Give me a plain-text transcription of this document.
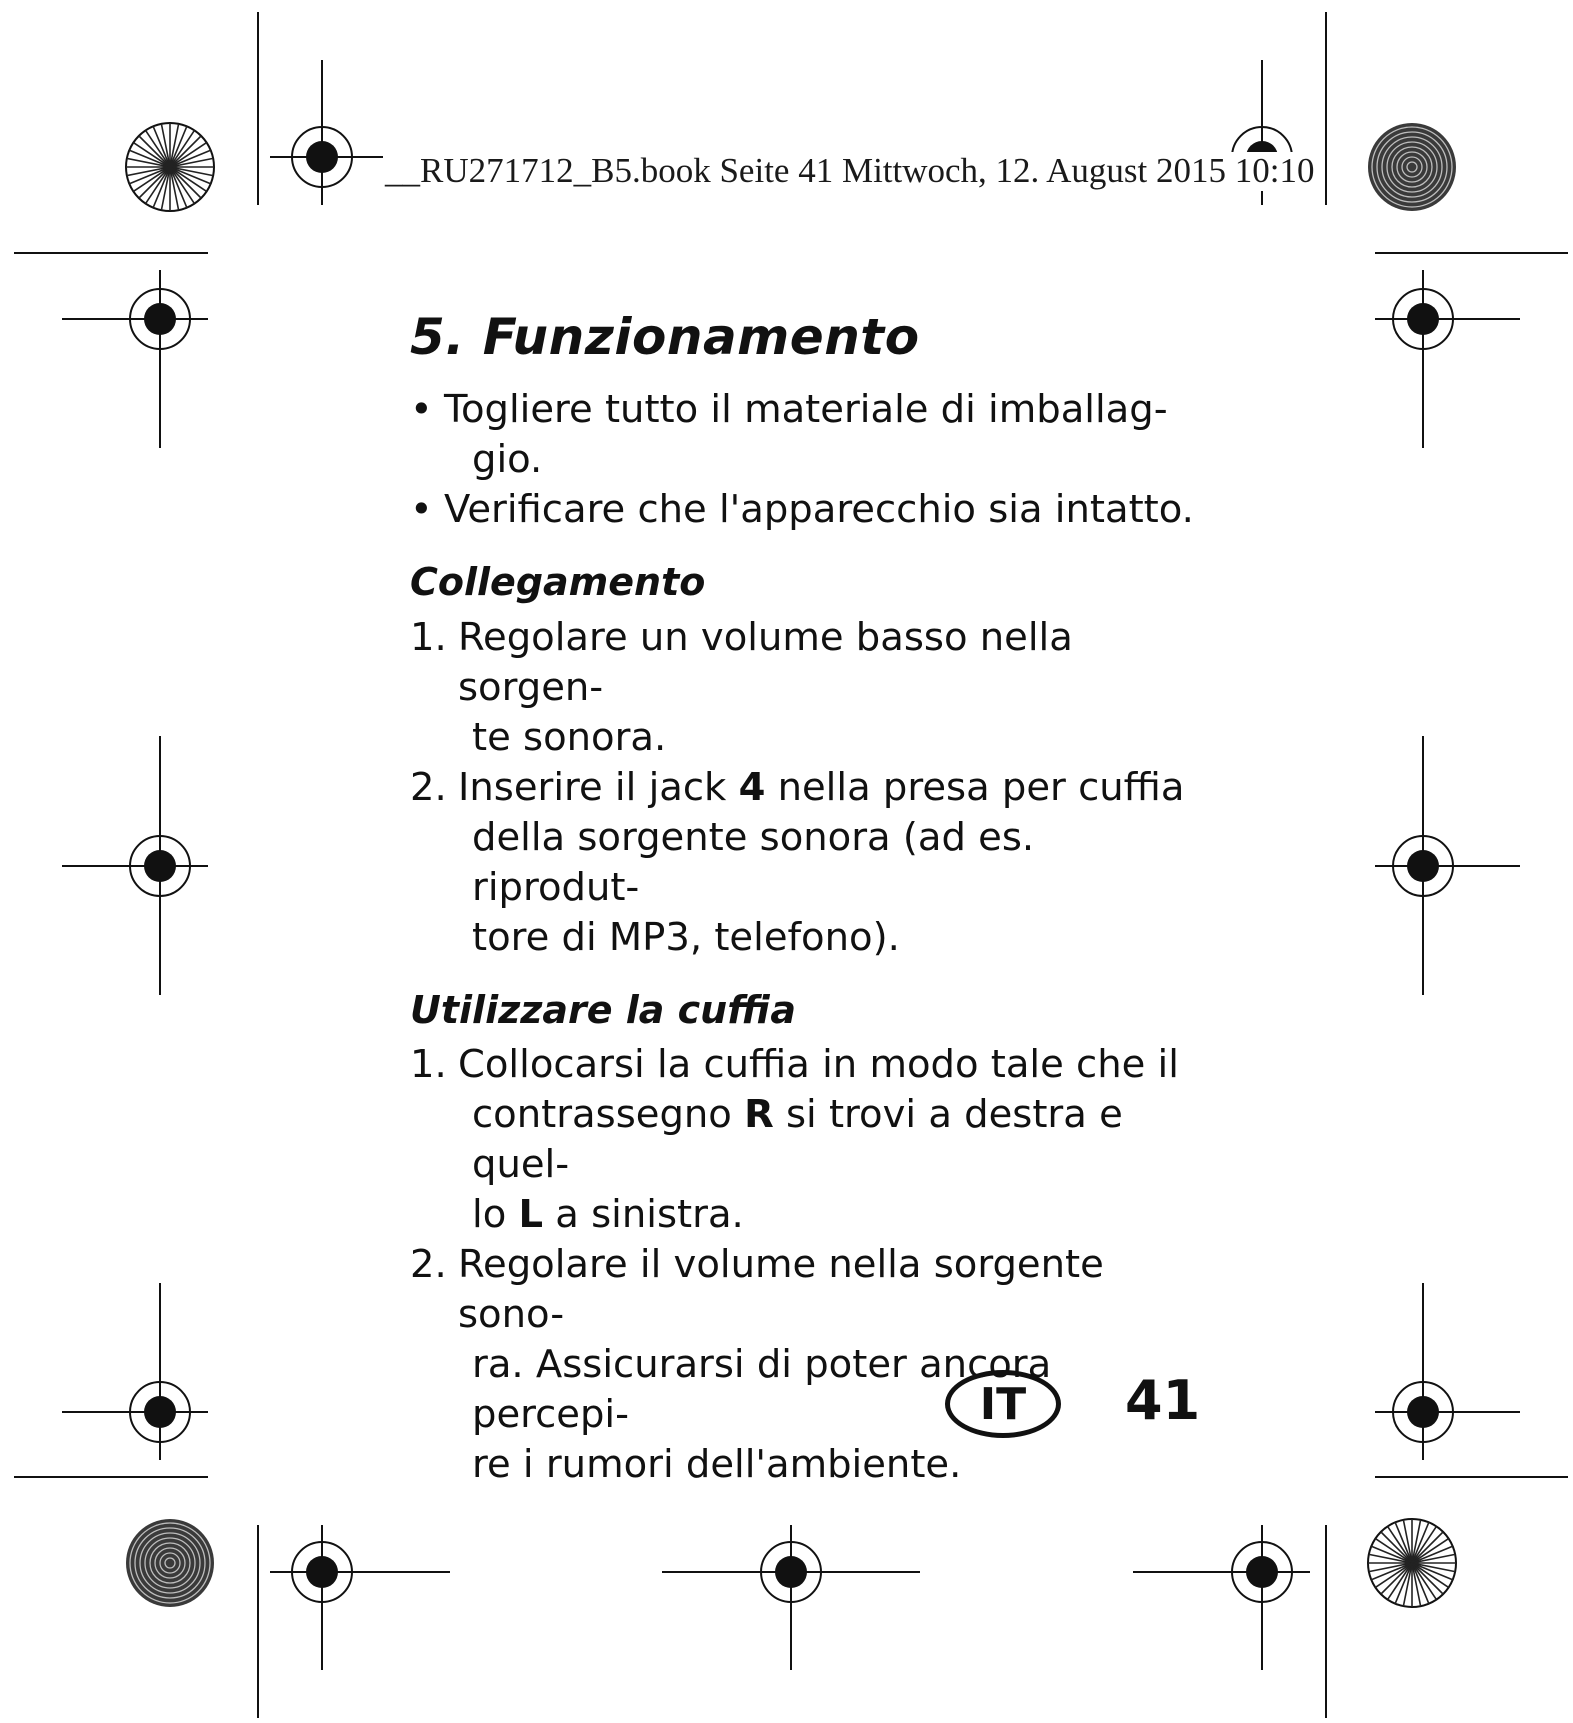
__RU271712_B5.book Seite 41 Mittwoch, 12. August 2015 10:10
5. Funzionamento
• Togliere tutto il materiale di imballag-
gio.
• Verificare che l'apparecchio sia intatto.
Collegamento
1. Regolare un volume basso nella sorgen-
te sonora.
2. Inserire il jack 4 nella presa per cuffia
della sorgente sonora (ad es. riprodut-
tore di MP3, telefono).
Utilizzare la cuffia
1. Collocarsi la cuffia in modo tale che il
contrassegno R si trovi a destra e quel-
lo L a sinistra.
2. Regolare il volume nella sorgente sono-
ra. Assicurarsi di poter ancora percepi-
re i rumori dell'ambiente.
IT	41
